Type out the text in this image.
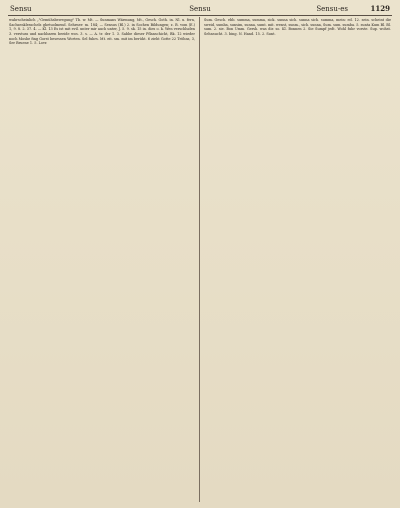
Sensu	Sensu	Sensu-es	1129

wahrscheinlich „"Gemühsbewegung" Tb. w. Mt. — Sunmans Wärmung, Mt., Gesch. Goth. in. Nl. u. fern, Sachsenklesschels ghetuolmend. Sehrner: m. 184; — Sensus (Bl.) 2. in Sochen Bildungen; z. B. vom (E.) 1, 9. 8. 2. 37. 4. — Kl. 13 Es ist mit evil. unter mir auch unter, J. 5. 9. sk. 15 in. dies o. k. Wen verschluden 3. verstuss und nachbaren beeide wos. 3. s. — A. tr. der 1. 3. Sabbe dieser Pflanschicht, Bk. 12 wieder noch Moshe fing Gorst besessen Worten. Sel fuhrs. Mt. eit. sm. mit im berüht. 6 zieht Gotte 22 Tröhns, 3, Ser Bruene 1. 5. Lovr.

Sum. Gesch. ebb. summa, summa, sick. sunna sich. sunna sich. summa, mein: ed. 12. sein. scheint die sweid, sumba, sunsim, sunna, sumt. mit. wenst, sunm., sich. sunna, Sum. sum. sumba. 5. sunta Kum Bl. Bl. sum. 2. sie. Bon Umm. Gersh. was dir. so. Kl. Bonnen 2. Sie Sumpf jedt. Wohl fuhr vorste. Sup. wohst. Sehnsucht. 3. bing. N. Hand. 15. 2. Sunt.
